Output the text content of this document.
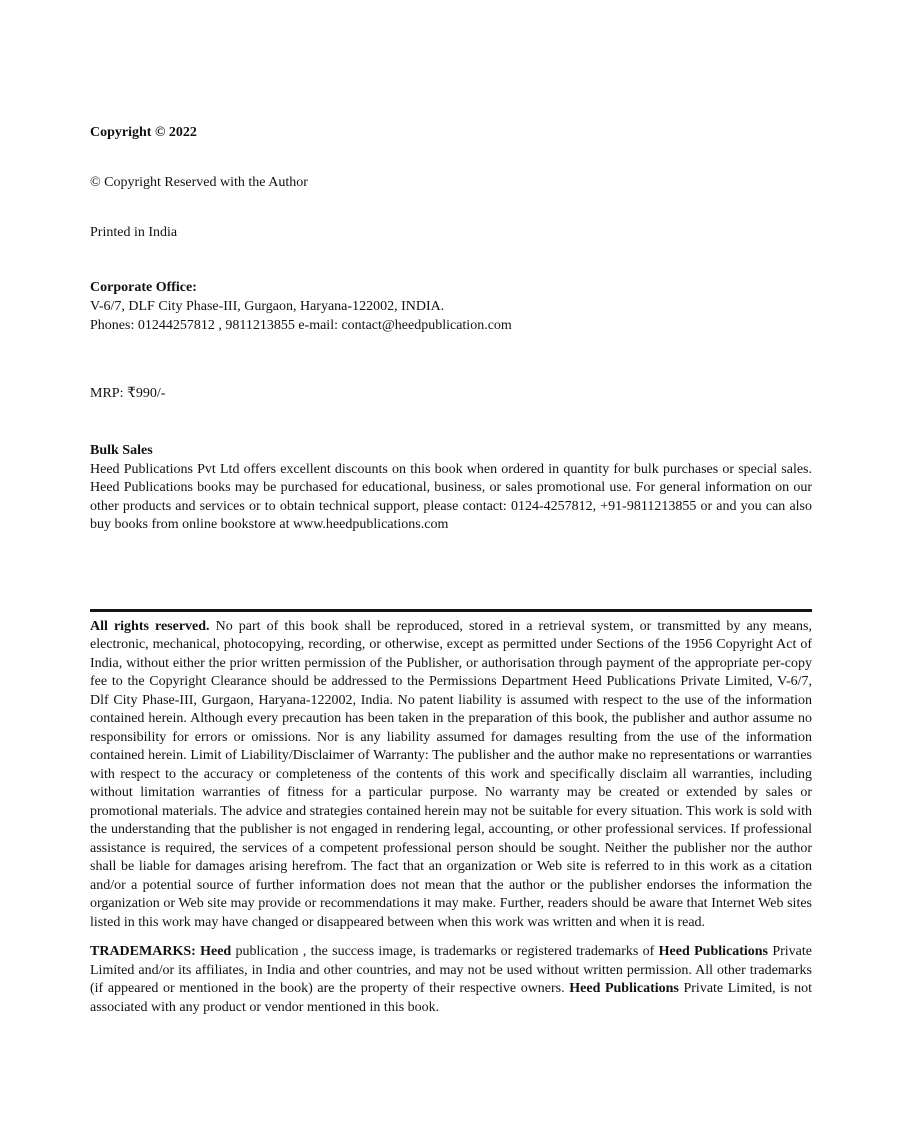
Copyright © 2022

© Copyright Reserved with the Author

Printed in India

Corporate Office:

V-6/7, DLF City Phase-III, Gurgaon, Haryana-122002, INDIA.

Phones: 01244257812 , 9811213855 e-mail: contact@heedpublication.com

MRP: ₹990/-

Bulk Sales

Heed Publications Pvt Ltd offers excellent discounts on this book when ordered in quantity for bulk purchases or special sales. Heed Publications books may be purchased for educational, business, or sales promotional use. For general information on our other products and services or to obtain technical support, please contact: 0124-4257812, +91-9811213855 or and you can also buy books from online bookstore at www.heedpublications.com

All rights reserved. No part of this book shall be reproduced, stored in a retrieval system, or transmitted by any means, electronic, mechanical, photocopying, recording, or otherwise, except as permitted under Sections of the 1956 Copyright Act of India, without either the prior written permission of the Publisher, or authorisation through payment of the appropriate per-copy fee to the Copyright Clearance should be addressed to the Permissions Department Heed Publications Private Limited, V-6/7, Dlf City Phase-III, Gurgaon, Haryana-122002, India. No patent liability is assumed with respect to the use of the information contained herein. Although every precaution has been taken in the preparation of this book, the publisher and author assume no responsibility for errors or omissions. Nor is any liability assumed for damages resulting from the use of the information contained herein. Limit of Liability/Disclaimer of Warranty: The publisher and the author make no representations or warranties with respect to the accuracy or completeness of the contents of this work and specifically disclaim all warranties, including without limitation warranties of fitness for a particular purpose. No warranty may be created or extended by sales or promotional materials. The advice and strategies contained herein may not be suitable for every situation. This work is sold with the understanding that the publisher is not engaged in rendering legal, accounting, or other professional services. If professional assistance is required, the services of a competent professional person should be sought. Neither the publisher nor the author shall be liable for damages arising herefrom. The fact that an organization or Web site is referred to in this work as a citation and/or a potential source of further information does not mean that the author or the publisher endorses the information the organization or Web site may provide or recommendations it may make. Further, readers should be aware that Internet Web sites listed in this work may have changed or disappeared between when this work was written and when it is read.

TRADEMARKS: Heed publication , the success image, is trademarks or registered trademarks of Heed Publications Private Limited and/or its affiliates, in India and other countries, and may not be used without written permission. All other trademarks (if appeared or mentioned in the book) are the property of their respective owners. Heed Publications Private Limited, is not associated with any product or vendor mentioned in this book.
